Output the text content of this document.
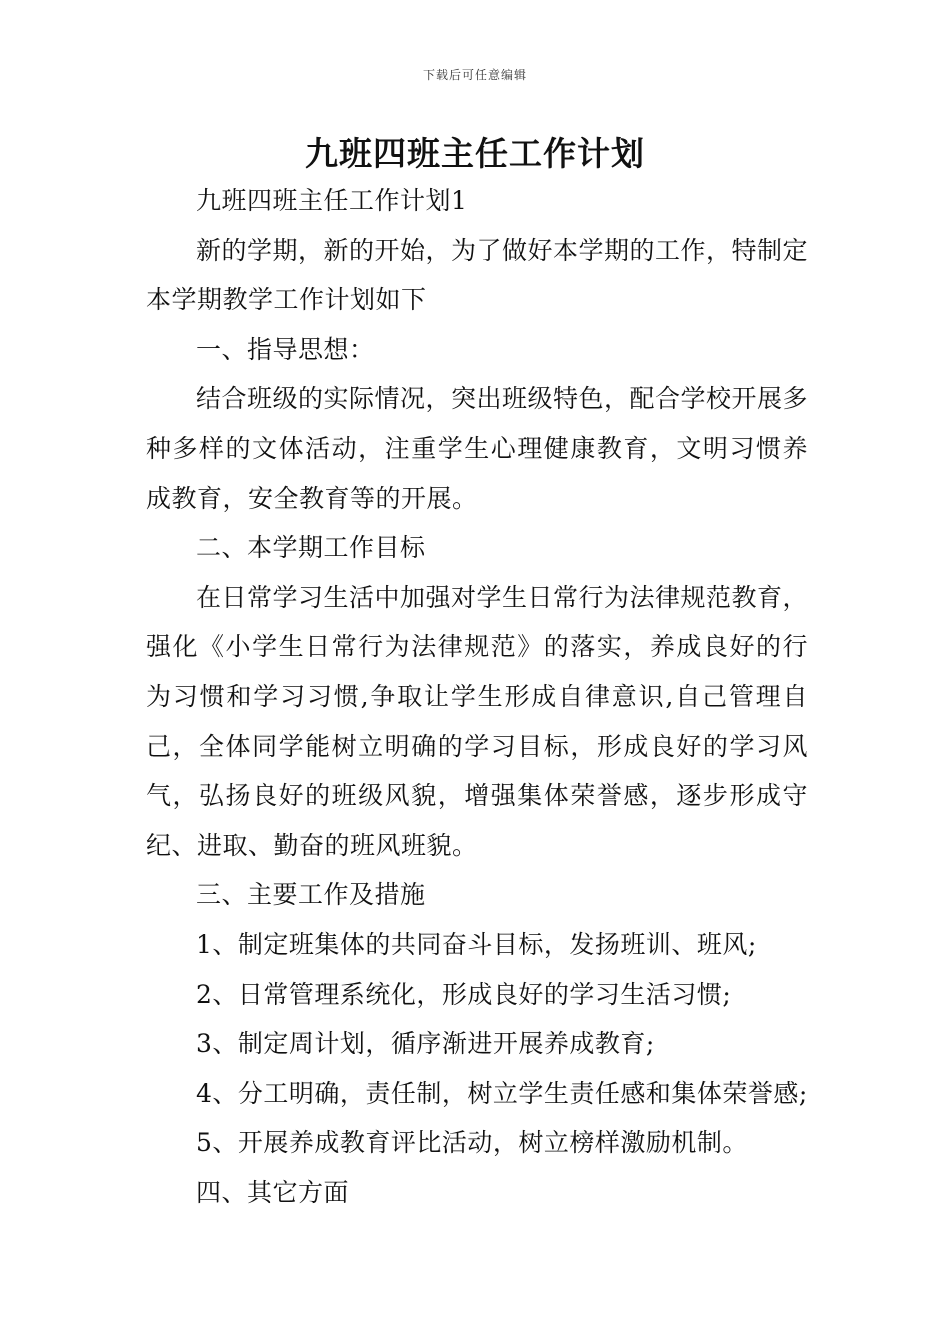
下载后可任意编辑
九班四班主任工作计划

九班四班主任工作计划1

新的学期，新的开始，为了做好本学期的工作，特制定本学期教学工作计划如下

一、指导思想：

结合班级的实际情况，突出班级特色，配合学校开展多种多样的文体活动，注重学生心理健康教育，文明习惯养成教育，安全教育等的开展。

二、本学期工作目标

在日常学习生活中加强对学生日常行为法律规范教育，强化《小学生日常行为法律规范》的落实，养成良好的行为习惯和学习习惯,争取让学生形成自律意识,自己管理自己，全体同学能树立明确的学习目标，形成良好的学习风气，弘扬良好的班级风貌，增强集体荣誉感，逐步形成守纪、进取、勤奋的班风班貌。

三、主要工作及措施

1、制定班集体的共同奋斗目标，发扬班训、班风;

2、日常管理系统化，形成良好的学习生活习惯;

3、制定周计划，循序渐进开展养成教育;

4、分工明确，责任制，树立学生责任感和集体荣誉感;

5、开展养成教育评比活动，树立榜样激励机制。

四、其它方面
